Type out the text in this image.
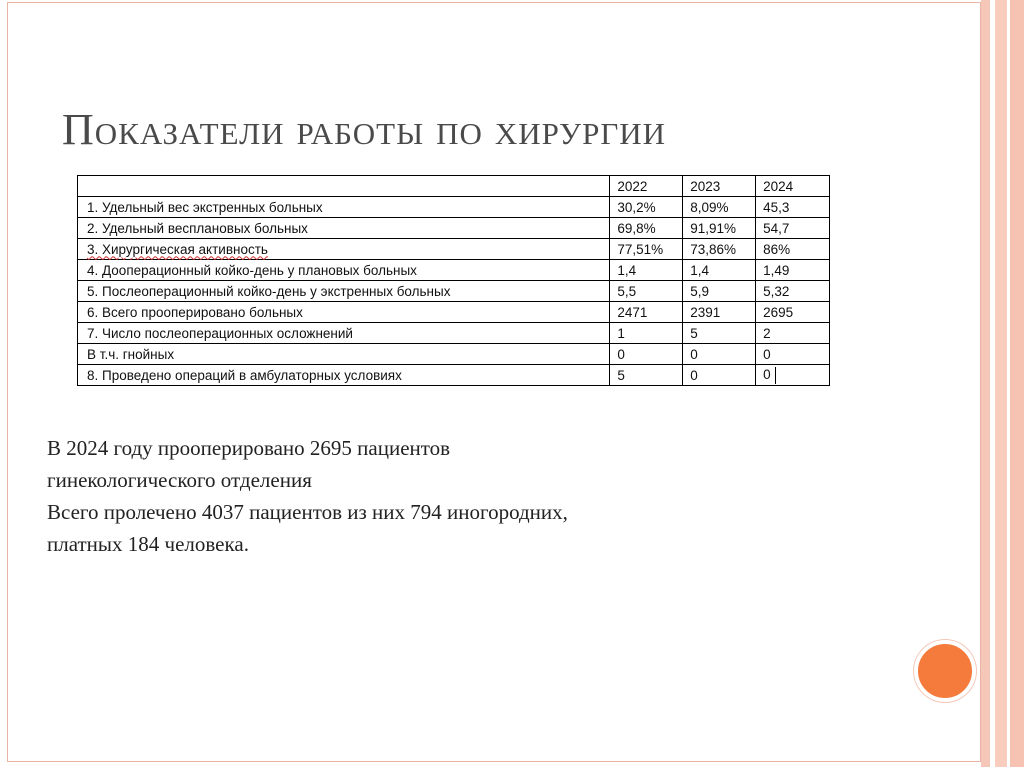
Показатели работы по хирургии
	2022	2023	2024
1. Удельный вес экстренных больных	30,2%	8,09%	45,3
2. Удельный весплановых больных	69,8%	91,91%	54,7
3. Хирургическая активность	77,51%	73,86%	86%
4. Дооперационный койко-день у плановых больных	1,4	1,4	1,49
5. Послеоперационный койко-день у экстренных больных	5,5	5,9	5,32
6. Всего прооперировано больных	2471	2391	2695
7. Число послеоперационных осложнений	1	5	2
В т.ч. гнойных	0	0	0
8. Проведено операций в амбулаторных условиях	5	0	0

В 2024 году прооперировано 2695 пациентов

гинекологического отделения

Всего пролечено 4037 пациентов из них 794 иногородних,

платных 184 человека.
